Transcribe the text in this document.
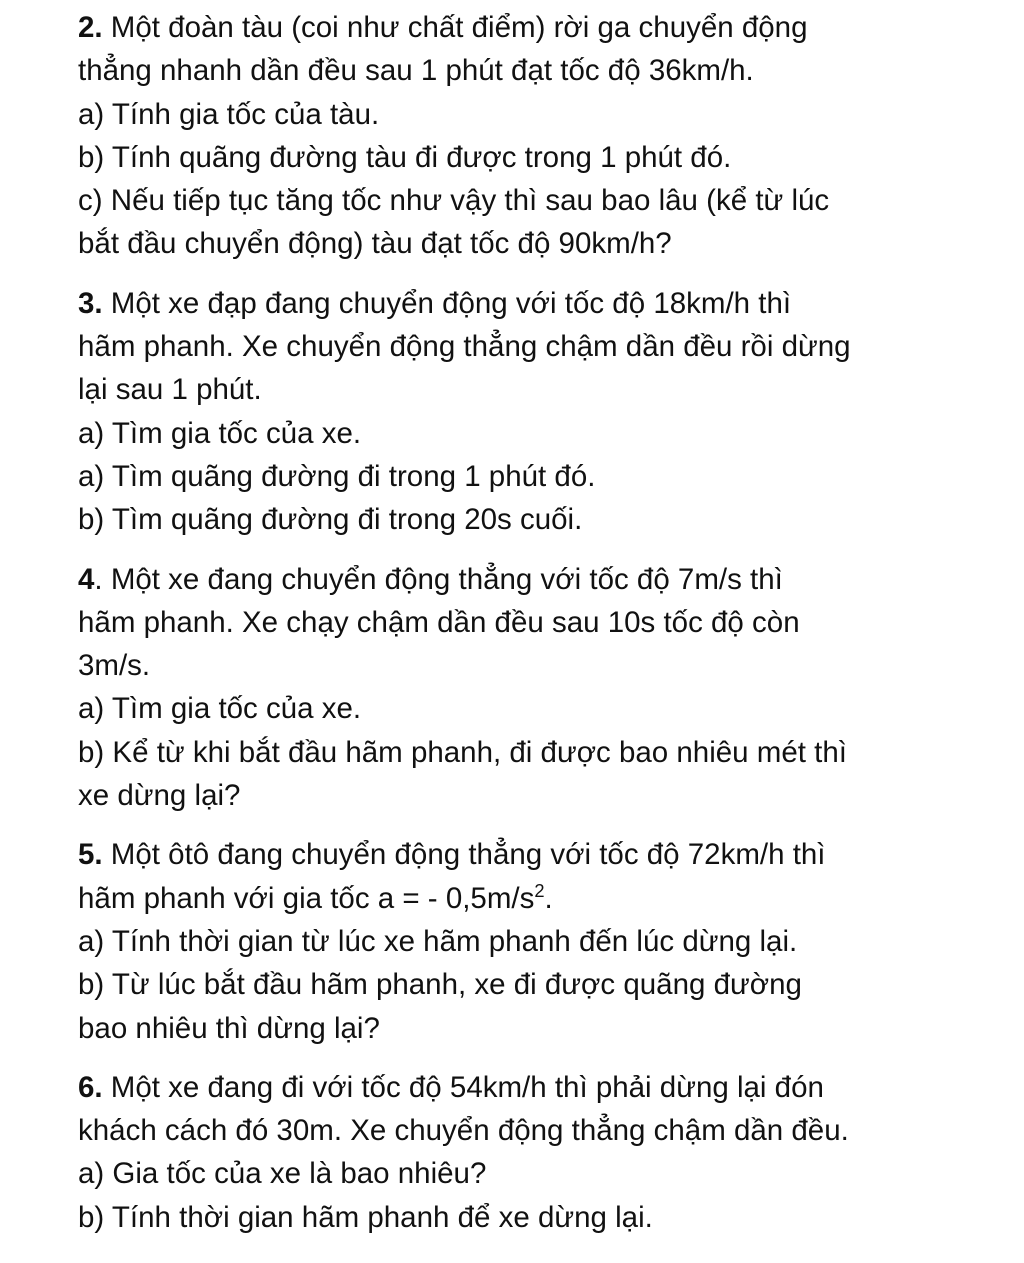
2. Một đoàn tàu (coi như chất điểm) rời ga chuyển động
thẳng nhanh dần đều sau 1 phút đạt tốc độ 36km/h.
a) Tính gia tốc của tàu.
b) Tính quãng đường tàu đi được trong 1 phút đó.
c) Nếu tiếp tục tăng tốc như vậy thì sau bao lâu (kể từ lúc
bắt đầu chuyển động) tàu đạt tốc độ 90km/h?
3. Một xe đạp đang chuyển động với tốc độ 18km/h thì
hãm phanh. Xe chuyển động thẳng chậm dần đều rồi dừng
lại sau 1 phút.
a) Tìm gia tốc của xe.
a) Tìm quãng đường đi trong 1 phút đó.
b) Tìm quãng đường đi trong 20s cuối.
4. Một xe đang chuyển động thẳng với tốc độ 7m/s thì
hãm phanh. Xe chạy chậm dần đều sau 10s tốc độ còn
3m/s.
a) Tìm gia tốc của xe.
b) Kể từ khi bắt đầu hãm phanh, đi được bao nhiêu mét thì
xe dừng lại?
5. Một ôtô đang chuyển động thẳng với tốc độ 72km/h thì
hãm phanh với gia tốc a = - $0,5m/s^2$.
a) Tính thời gian từ lúc xe hãm phanh đến lúc dừng lại.
b) Từ lúc bắt đầu hãm phanh, xe đi được quãng đường
bao nhiêu thì dừng lại?
6. Một xe đang đi với tốc độ 54km/h thì phải dừng lại đón
khách cách đó 30m. Xe chuyển động thẳng chậm dần đều.
a) Gia tốc của xe là bao nhiêu?
b) Tính thời gian hãm phanh để xe dừng lại.
